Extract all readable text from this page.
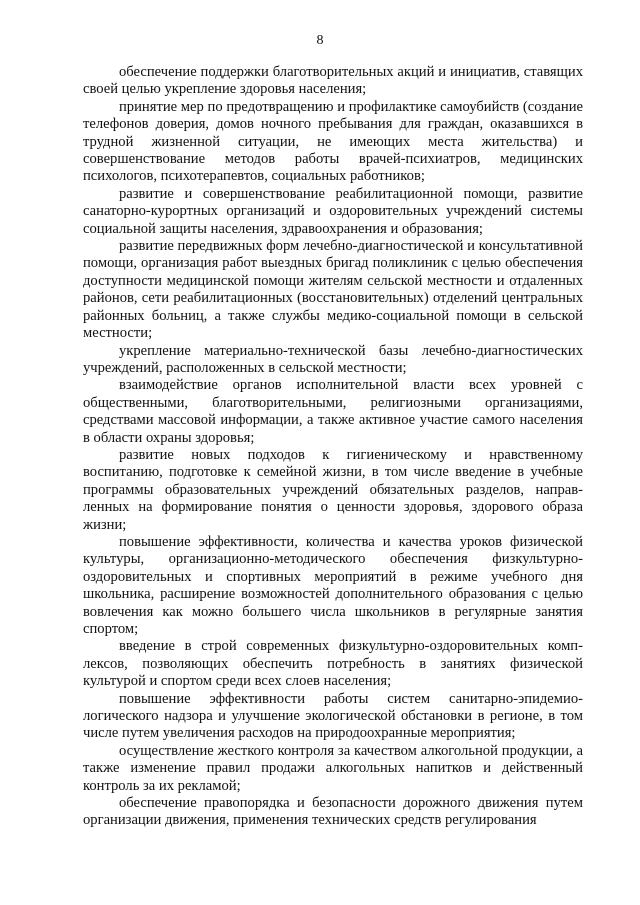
8

обеспечение поддержки благотворительных акций и инициатив, ставящих своей целью укрепление здоровья населения;

принятие мер по предотвращению и профилактике самоубийств (создание телефонов доверия, домов ночного пребывания для граждан, оказавшихся в трудной жизненной ситуации, не имеющих места жительства) и совершенствование методов работы врачей-психиатров, медицинских психологов, психотерапевтов, социальных работников;

развитие и совершенствование реабилитационной помощи, развитие санаторно-курортных организаций и оздоровительных учреждений системы социальной защиты населения, здравоохранения и образования;

развитие передвижных форм лечебно-диагностической и консультативной помощи, организация работ выездных бригад поликлиник с целью обеспечения доступности медицинской помощи жителям сельской местности и отдаленных районов, сети реабилитационных (восстановительных) отделений центральных районных больниц, а также службы медико-социальной помощи в сельской местности;

укрепление материально-технической базы лечебно-диагностических учреждений, расположенных в сельской местности;

взаимодействие органов исполнительной власти всех уровней с общественными, благотворительными, религиозными организациями, средствами массовой информации, а также активное участие самого населения в области охраны здоровья;

развитие новых подходов к гигиеническому и нравственному воспитанию, подготовке к семейной жизни, в том числе введение в учебные программы образовательных учреждений обязательных разделов, направленных на формирование понятия о ценности здоровья, здорового образа жизни;

повышение эффективности, количества и качества уроков физической культуры, организационно-методического обеспечения физкультурно-оздоровительных и спортивных мероприятий в режиме учебного дня школьника, расширение возможностей дополнительного образования с целью вовлечения как можно большего числа школьников в регулярные занятия спортом;

введение в строй современных физкультурно-оздоровительных комплексов, позволяющих обеспечить потребность в занятиях физической культурой и спортом среди всех слоев населения;

повышение эффективности работы систем санитарно-эпидемиологического надзора и улучшение экологической обстановки в регионе, в том числе путем увеличения расходов на природоохранные мероприятия;

осуществление жесткого контроля за качеством алкогольной продукции, а также изменение правил продажи алкогольных напитков и действенный контроль за их рекламой;

обеспечение правопорядка и безопасности дорожного движения путем организации движения, применения технических средств регулирования
